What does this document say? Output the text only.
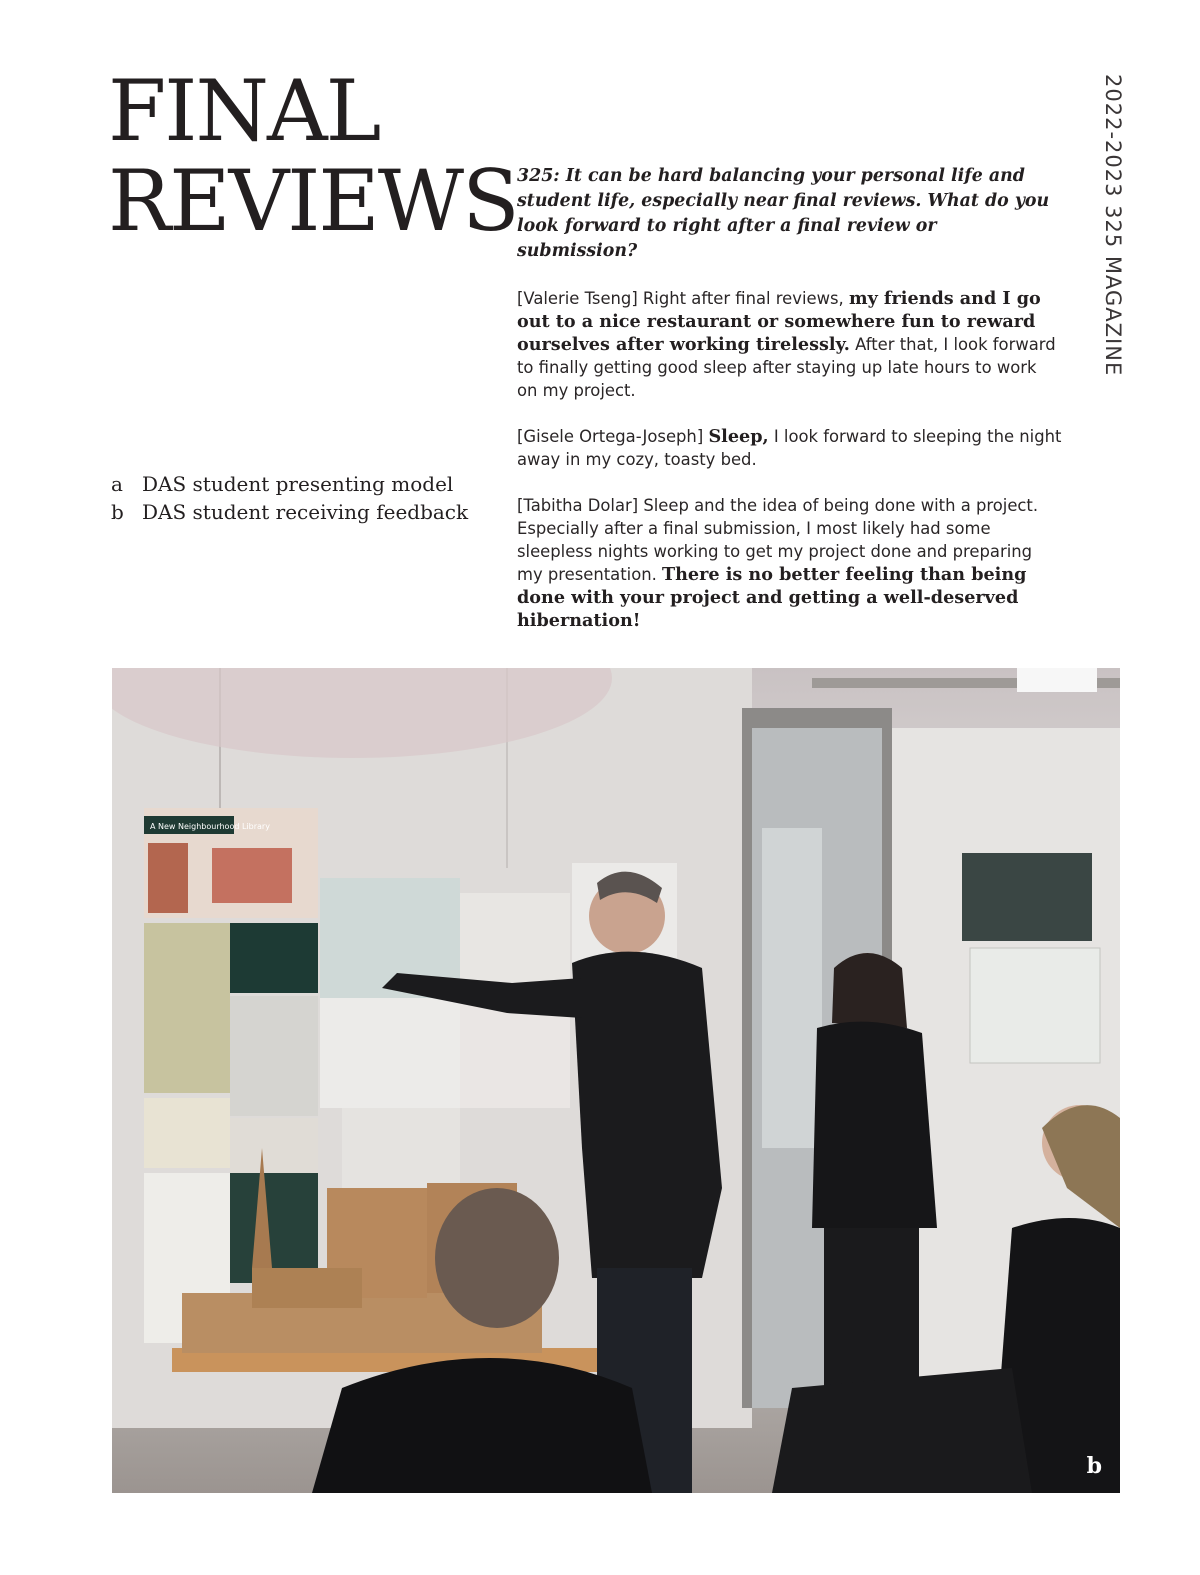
FINAL
REVIEWS	2022-2023 325 MAGAZINE
a DAS student presenting model
b DAS student receiving feedback

325: It can be hard balancing your personal life and student life, especially near final reviews. What do you look forward to right after a final review or submission?

[Valerie Tseng] Right after final reviews, my friends and I go out to a nice restaurant or somewhere fun to reward ourselves after working tirelessly. After that, I look forward to finally getting good sleep after staying up late hours to work on my project.

[Gisele Ortega-Joseph] Sleep, I look forward to sleeping the night away in my cozy, toasty bed.

[Tabitha Dolar] Sleep and the idea of being done with a project. Especially after a final submission, I most likely had some sleepless nights working to get my project done and preparing my presentation. There is no better feeling than being done with your project and getting a well-deserved hibernation!

A New Neighbourhood Library
b
